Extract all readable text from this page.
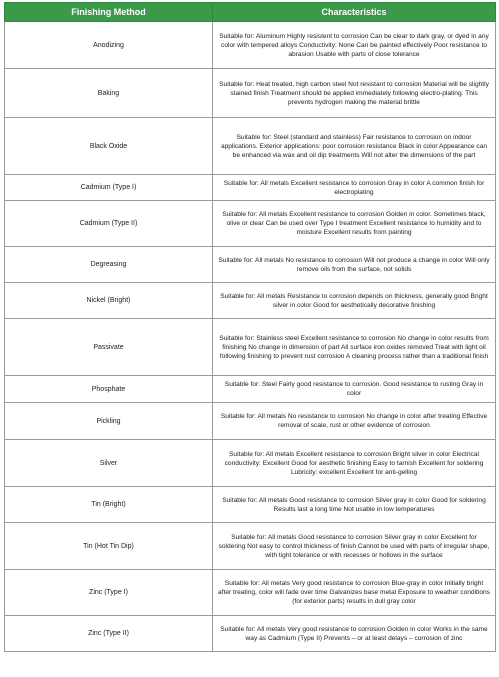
Finishing Method	Characteristics
Anodizing	Suitable for: Aluminum Highly resistent to corrosion Can be clear to dark gray, or dyed in any color with tempered alloys Conductivity: None Can be painted effectively Poor resistance to abrasion Usable with parts of close tolerance
Baking	Suitable for: Heat treated, high carbon steel Not resistant to corrosion Material will be slightly stained finish Treatment should be applied immediately following electro-plating. This prevents hydrogen making the material brittle
Black Oxide	Suitable for: Steel (standard and stainless) Fair resistance to corrosion on indoor applications. Exterior applications: poor corrosion resistance Black in color Appearance can be enhanced via wax and oil dip treatments Will not alter the dimensions of the part
Cadmium (Type I)	Suitable for: All metals Excellent resistance to corrosion Gray in color A common finish for electroplating
Cadmium (Type II)	Suitable for: All metals Excellent resistance to corrosion Golden in color. Sometimes black, olive or clear Can be used over Type I treatment Excellent resistance to humidity and to moisture Excellent results from painting
Degreasing	Suitable for: All metals No resistance to corrosion Will not produce a change in color Will only remove oils from the surface, not solids
Nickel (Bright)	Suitable for: All metals Resistance to corrosion depends on thickness, generally good Bright silver in color Good for aesthetically decorative finishing
Passivate	Suitable for: Stainless steel Excellent resistance to corrosion No change in color results from finishing No change in dimension of part All surface iron oxides removed Treat with light oil following finishing to prevent rust corrosion A cleaning process rather than a traditional finish
Phosphate	Suitable for: Steel Fairly good resistance to corrosion. Good resistance to rusting Gray in color
Pickling	Suitable for: All metals No resistance to corrosion No change in color after treating Effective removal of scale, rust or other evidence of corrosion
Silver	Suitable for: All metals Excellent resistance to corrosion Bright silver in color Electrical conductivity: Excellent Good for aesthetic finishing Easy to tarnish Excellent for soldering Lubricity: excellent Excellent for anti-gelling
Tin (Bright)	Suitable for: All metals Good resistance to corrosion Silver gray in color Good for soldering Results last a long time Not usable in low temperatures
Tin (Hot Tin Dip)	Suitable for: All metals Good resistance to corrosion Silver gray in color Excellent for soldering Not easy to control thickness of finish Cannot be used with parts of irregular shape, with tight tolerance or with recesses or hollows in the surface
Zinc (Type I)	Suitable for: All metals Very good resistance to corrosion Blue-gray in color Initially bright after treating, color will fade over time Galvanizes base metal Exposure to weather conditions (for exterior parts) results in dull gray color
Zinc (Type II)	Suitable for: All metals Very good resistance to corrosion Golden in color Works in the same way as Cadmium (Type II) Prevents – or at least delays – corrosion of zinc
